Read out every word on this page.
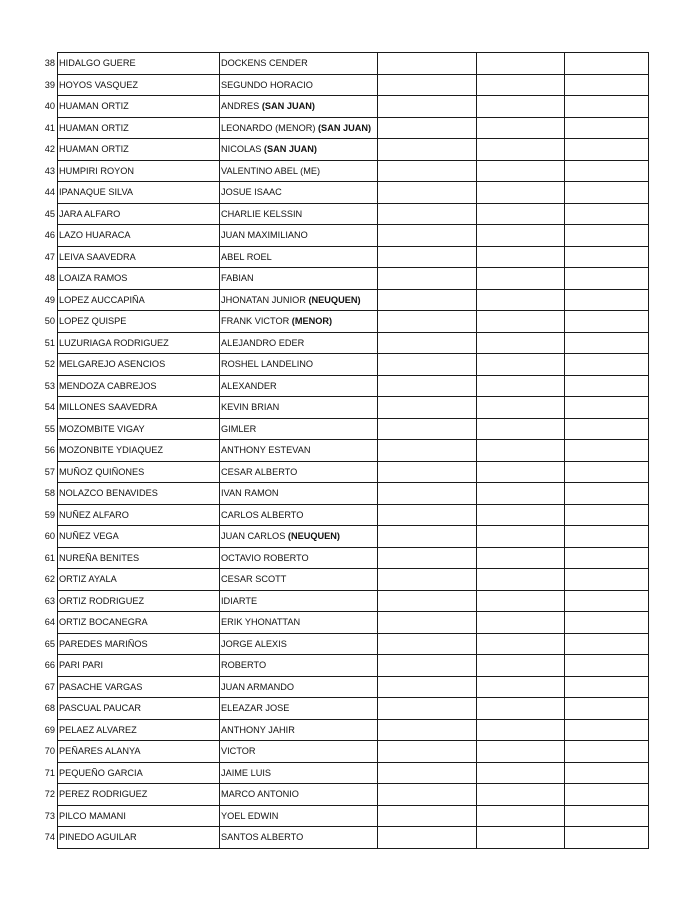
38	HIDALGO GUERE	DOCKENS CENDER			
39	HOYOS VASQUEZ	SEGUNDO HORACIO			
40	HUAMAN ORTIZ	ANDRES (SAN JUAN)			
41	HUAMAN ORTIZ	LEONARDO (MENOR) (SAN JUAN)			
42	HUAMAN ORTIZ	NICOLAS (SAN JUAN)			
43	HUMPIRI ROYON	VALENTINO ABEL (ME)			
44	IPANAQUE SILVA	JOSUE ISAAC			
45	JARA ALFARO	CHARLIE KELSSIN			
46	LAZO HUARACA	JUAN MAXIMILIANO			
47	LEIVA SAAVEDRA	ABEL ROEL			
48	LOAIZA RAMOS	FABIAN			
49	LOPEZ AUCCAPIÑA	JHONATAN JUNIOR (NEUQUEN)			
50	LOPEZ QUISPE	FRANK VICTOR (MENOR)			
51	LUZURIAGA RODRIGUEZ	ALEJANDRO EDER			
52	MELGAREJO ASENCIOS	ROSHEL LANDELINO			
53	MENDOZA CABREJOS	ALEXANDER			
54	MILLONES SAAVEDRA	KEVIN BRIAN			
55	MOZOMBITE VIGAY	GIMLER			
56	MOZONBITE YDIAQUEZ	ANTHONY ESTEVAN			
57	MUÑOZ QUIÑONES	CESAR ALBERTO			
58	NOLAZCO BENAVIDES	IVAN RAMON			
59	NUÑEZ ALFARO	CARLOS ALBERTO			
60	NUÑEZ VEGA	JUAN CARLOS (NEUQUEN)			
61	NUREÑA BENITES	OCTAVIO ROBERTO			
62	ORTIZ AYALA	CESAR SCOTT			
63	ORTIZ RODRIGUEZ	IDIARTE			
64	ORTIZ BOCANEGRA	ERIK YHONATTAN			
65	PAREDES MARIÑOS	JORGE ALEXIS			
66	PARI PARI	ROBERTO			
67	PASACHE VARGAS	JUAN ARMANDO			
68	PASCUAL PAUCAR	ELEAZAR JOSE			
69	PELAEZ ALVAREZ	ANTHONY JAHIR			
70	PEÑARES ALANYA	VICTOR			
71	PEQUEÑO GARCIA	JAIME LUIS			
72	PEREZ RODRIGUEZ	MARCO ANTONIO			
73	PILCO MAMANI	YOEL EDWIN			
74	PINEDO AGUILAR	SANTOS ALBERTO			
